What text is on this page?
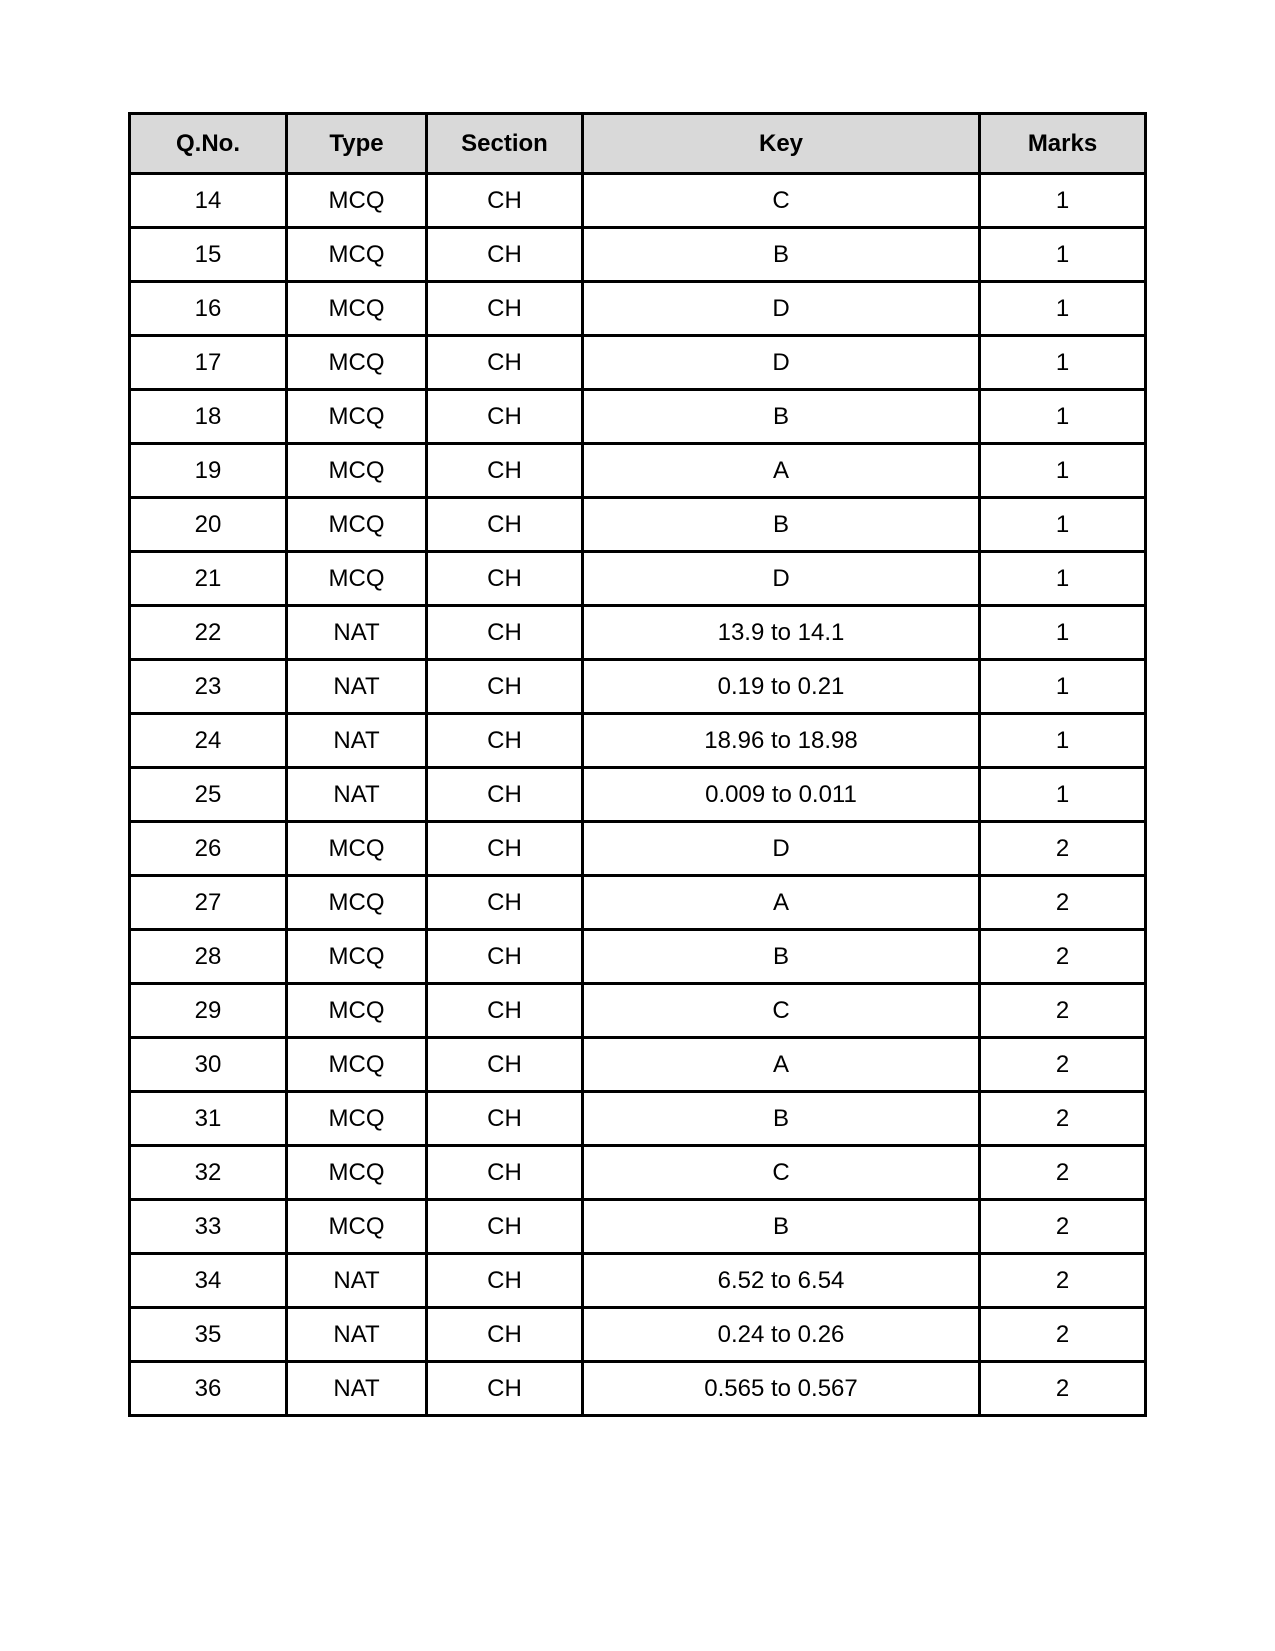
Q.No.	Type	Section	Key	Marks
14	MCQ	CH	C	1
15	MCQ	CH	B	1
16	MCQ	CH	D	1
17	MCQ	CH	D	1
18	MCQ	CH	B	1
19	MCQ	CH	A	1
20	MCQ	CH	B	1
21	MCQ	CH	D	1
22	NAT	CH	13.9 to 14.1	1
23	NAT	CH	0.19 to 0.21	1
24	NAT	CH	18.96 to 18.98	1
25	NAT	CH	0.009 to 0.011	1
26	MCQ	CH	D	2
27	MCQ	CH	A	2
28	MCQ	CH	B	2
29	MCQ	CH	C	2
30	MCQ	CH	A	2
31	MCQ	CH	B	2
32	MCQ	CH	C	2
33	MCQ	CH	B	2
34	NAT	CH	6.52 to 6.54	2
35	NAT	CH	0.24 to 0.26	2
36	NAT	CH	0.565 to 0.567	2
